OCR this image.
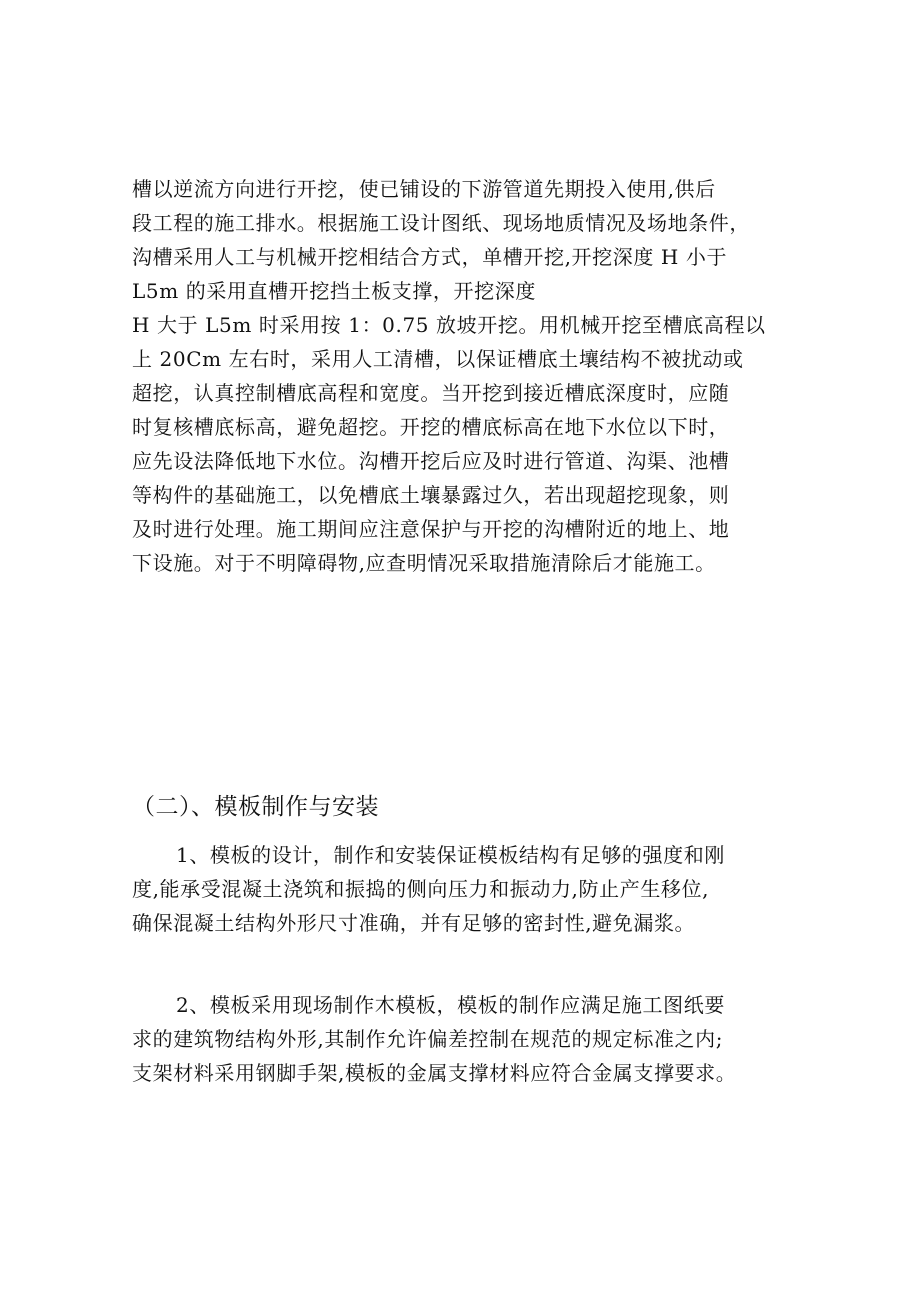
槽以逆流方向进行开挖，使已铺设的下游管道先期投入使用,供后
段工程的施工排水。根据施工设计图纸、现场地质情况及场地条件，
沟槽采用人工与机械开挖相结合方式，单槽开挖,开挖深度 H 小于
L5m 的采用直槽开挖挡土板支撑，开挖深度
H 大于 L5m 时采用按 1：0.75 放坡开挖。用机械开挖至槽底高程以
上 20Cm 左右时，采用人工清槽，以保证槽底土壤结构不被扰动或
超挖，认真控制槽底高程和宽度。当开挖到接近槽底深度时，应随
时复核槽底标高，避免超挖。开挖的槽底标高在地下水位以下时，
应先设法降低地下水位。沟槽开挖后应及时进行管道、沟渠、池槽
等构件的基础施工，以免槽底土壤暴露过久，若出现超挖现象，则
及时进行处理。施工期间应注意保护与开挖的沟槽附近的地上、地
下设施。对于不明障碍物,应查明情况采取措施清除后才能施工。
（二）、模板制作与安装
1、模板的设计，制作和安装保证模板结构有足够的强度和刚
度,能承受混凝土浇筑和振捣的侧向压力和振动力,防止产生移位,
确保混凝土结构外形尺寸准确，并有足够的密封性,避免漏浆。
2、模板采用现场制作木模板，模板的制作应满足施工图纸要
求的建筑物结构外形,其制作允许偏差控制在规范的规定标准之内;
支架材料采用钢脚手架,模板的金属支撑材料应符合金属支撑要求。
